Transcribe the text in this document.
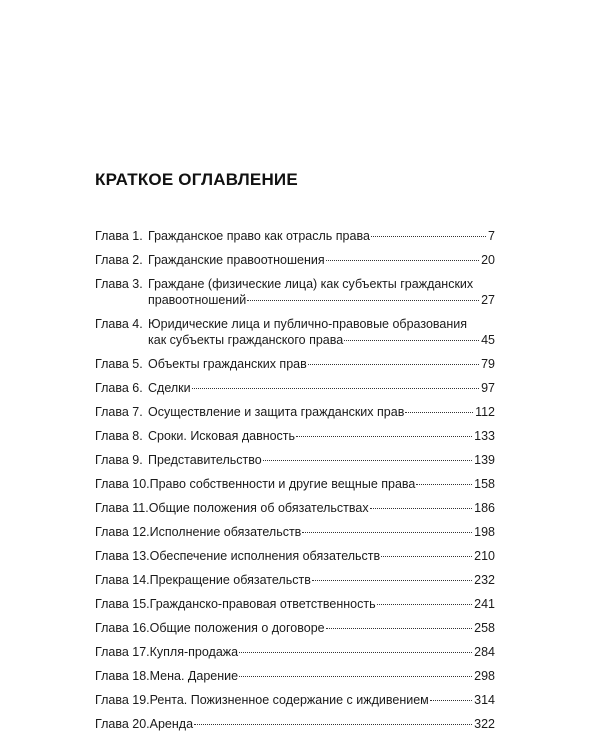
КРАТКОЕ ОГЛАВЛЕНИЕ
Глава 1. Гражданское право как отрасль права	7
Глава 2. Гражданские правоотношения	20
Глава 3. Граждане (физические лица) как субъекты гражданских
правоотношений	27
Глава 4. Юридические лица и публично-правовые образования
как субъекты гражданского права	45
Глава 5. Объекты гражданских прав	79
Глава 6. Сделки	97
Глава 7. Осуществление и защита гражданских прав	112
Глава 8. Сроки. Исковая давность	133
Глава 9. Представительство	139
Глава 10. Право собственности и другие вещные права	158
Глава 11. Общие положения об обязательствах	186
Глава 12. Исполнение обязательств	198
Глава 13. Обеспечение исполнения обязательств	210
Глава 14. Прекращение обязательств	232
Глава 15. Гражданско-правовая ответственность	241
Глава 16. Общие положения о договоре	258
Глава 17. Купля-продажа	284
Глава 18. Мена. Дарение	298
Глава 19. Рента. Пожизненное содержание с иждивением	314
Глава 20. Аренда	322
